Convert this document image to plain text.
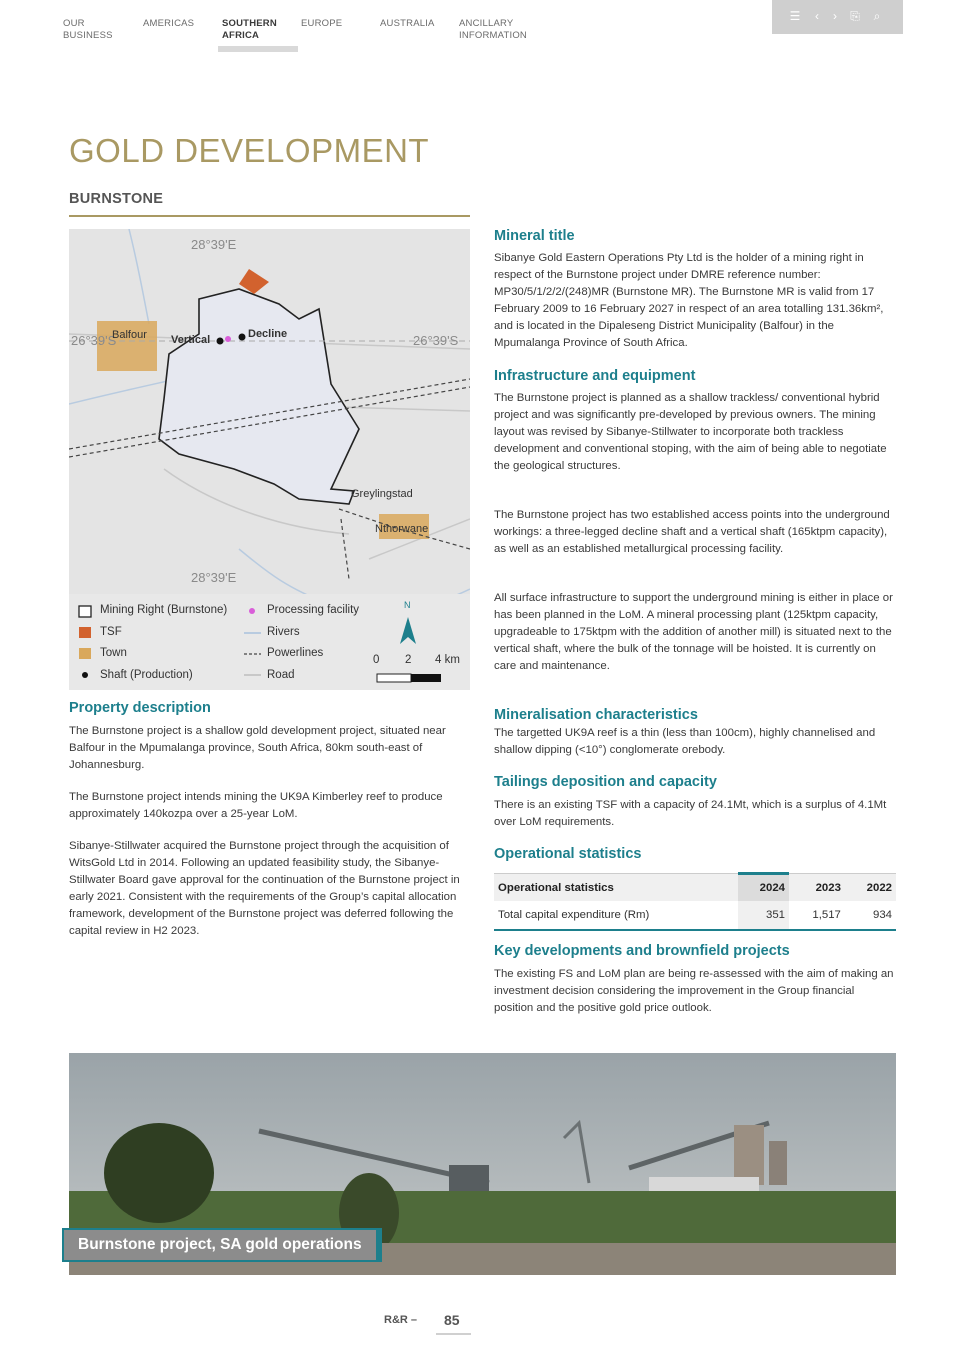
OUR
BUSINESS
AMERICAS	SOUTHERN
AFRICA
EUROPE	AUSTRALIA	ANCILLARY
INFORMATION
☰	‹	›	⎘	⌕
GOLD DEVELOPMENT
BURNSTONE
28°39'E
28°39'E
26°39'S	26°39'S
Balfour Vertical	Decline
Greylingstad
Nthorwane
Mining Right (Burnstone)
TSF
Town
Shaft (Production)
Processing facility
Rivers
Powerlines
Road
N
0 2 4 km
Property description

The Burnstone project is a shallow gold development project, situated near Balfour in the Mpumalanga province, South Africa, 80km south-east of Johannesburg.

The Burnstone project intends mining the UK9A Kimberley reef to produce approximately 140kozpa over a 25-year LoM.

Sibanye-Stillwater acquired the Burnstone project through the acquisition of WitsGold Ltd in 2014. Following an updated feasibility study, the Sibanye-Stillwater Board gave approval for the continuation of the Burnstone project in early 2021. Consistent with the requirements of the Group’s capital allocation framework, development of the Burnstone project was deferred following the capital review in H2 2023.

Mineral title

Sibanye Gold Eastern Operations Pty Ltd is the holder of a mining right in respect of the Burnstone project under DMRE reference number: MP30/5/1/2/2/(248)MR (Burnstone MR). The Burnstone MR is valid from 17 February 2009 to 16 February 2027 in respect of an area totalling 131.36km², and is located in the Dipaleseng District Municipality (Balfour) in the Mpumalanga Province of South Africa.

Infrastructure and equipment

The Burnstone project is planned as a shallow trackless/ conventional hybrid project and was significantly pre-developed by previous owners. The mining layout was revised by Sibanye-Stillwater to incorporate both trackless development and conventional stoping, with the aim of being able to negotiate the geological structures.

The Burnstone project has two established access points into the underground workings: a three-legged decline shaft and a vertical shaft (165ktpm capacity), as well as an established metallurgical processing facility.

All surface infrastructure to support the underground mining is either in place or has been planned in the LoM. A mineral processing plant (125ktpm capacity, upgradeable to 175ktpm with the addition of another mill) is situated next to the vertical shaft, where the bulk of the tonnage will be hoisted. It is currently on care and maintenance.

Mineralisation characteristics

The targetted UK9A reef is a thin (less than 100cm), highly channelised and shallow dipping (<10°) conglomerate orebody.

Tailings deposition and capacity

There is an existing TSF with a capacity of 24.1Mt, which is a surplus of 4.1Mt over LoM requirements.

Operational statistics
Operational statistics	2024	2023	2022
Total capital expenditure (Rm)	351	1,517	934
Key developments and brownfield projects

The existing FS and LoM plan are being re-assessed with the aim of making an investment decision considering the improvement in the Group financial position and the positive gold price outlook.

Burnstone project, SA gold operations
R&R – 85
